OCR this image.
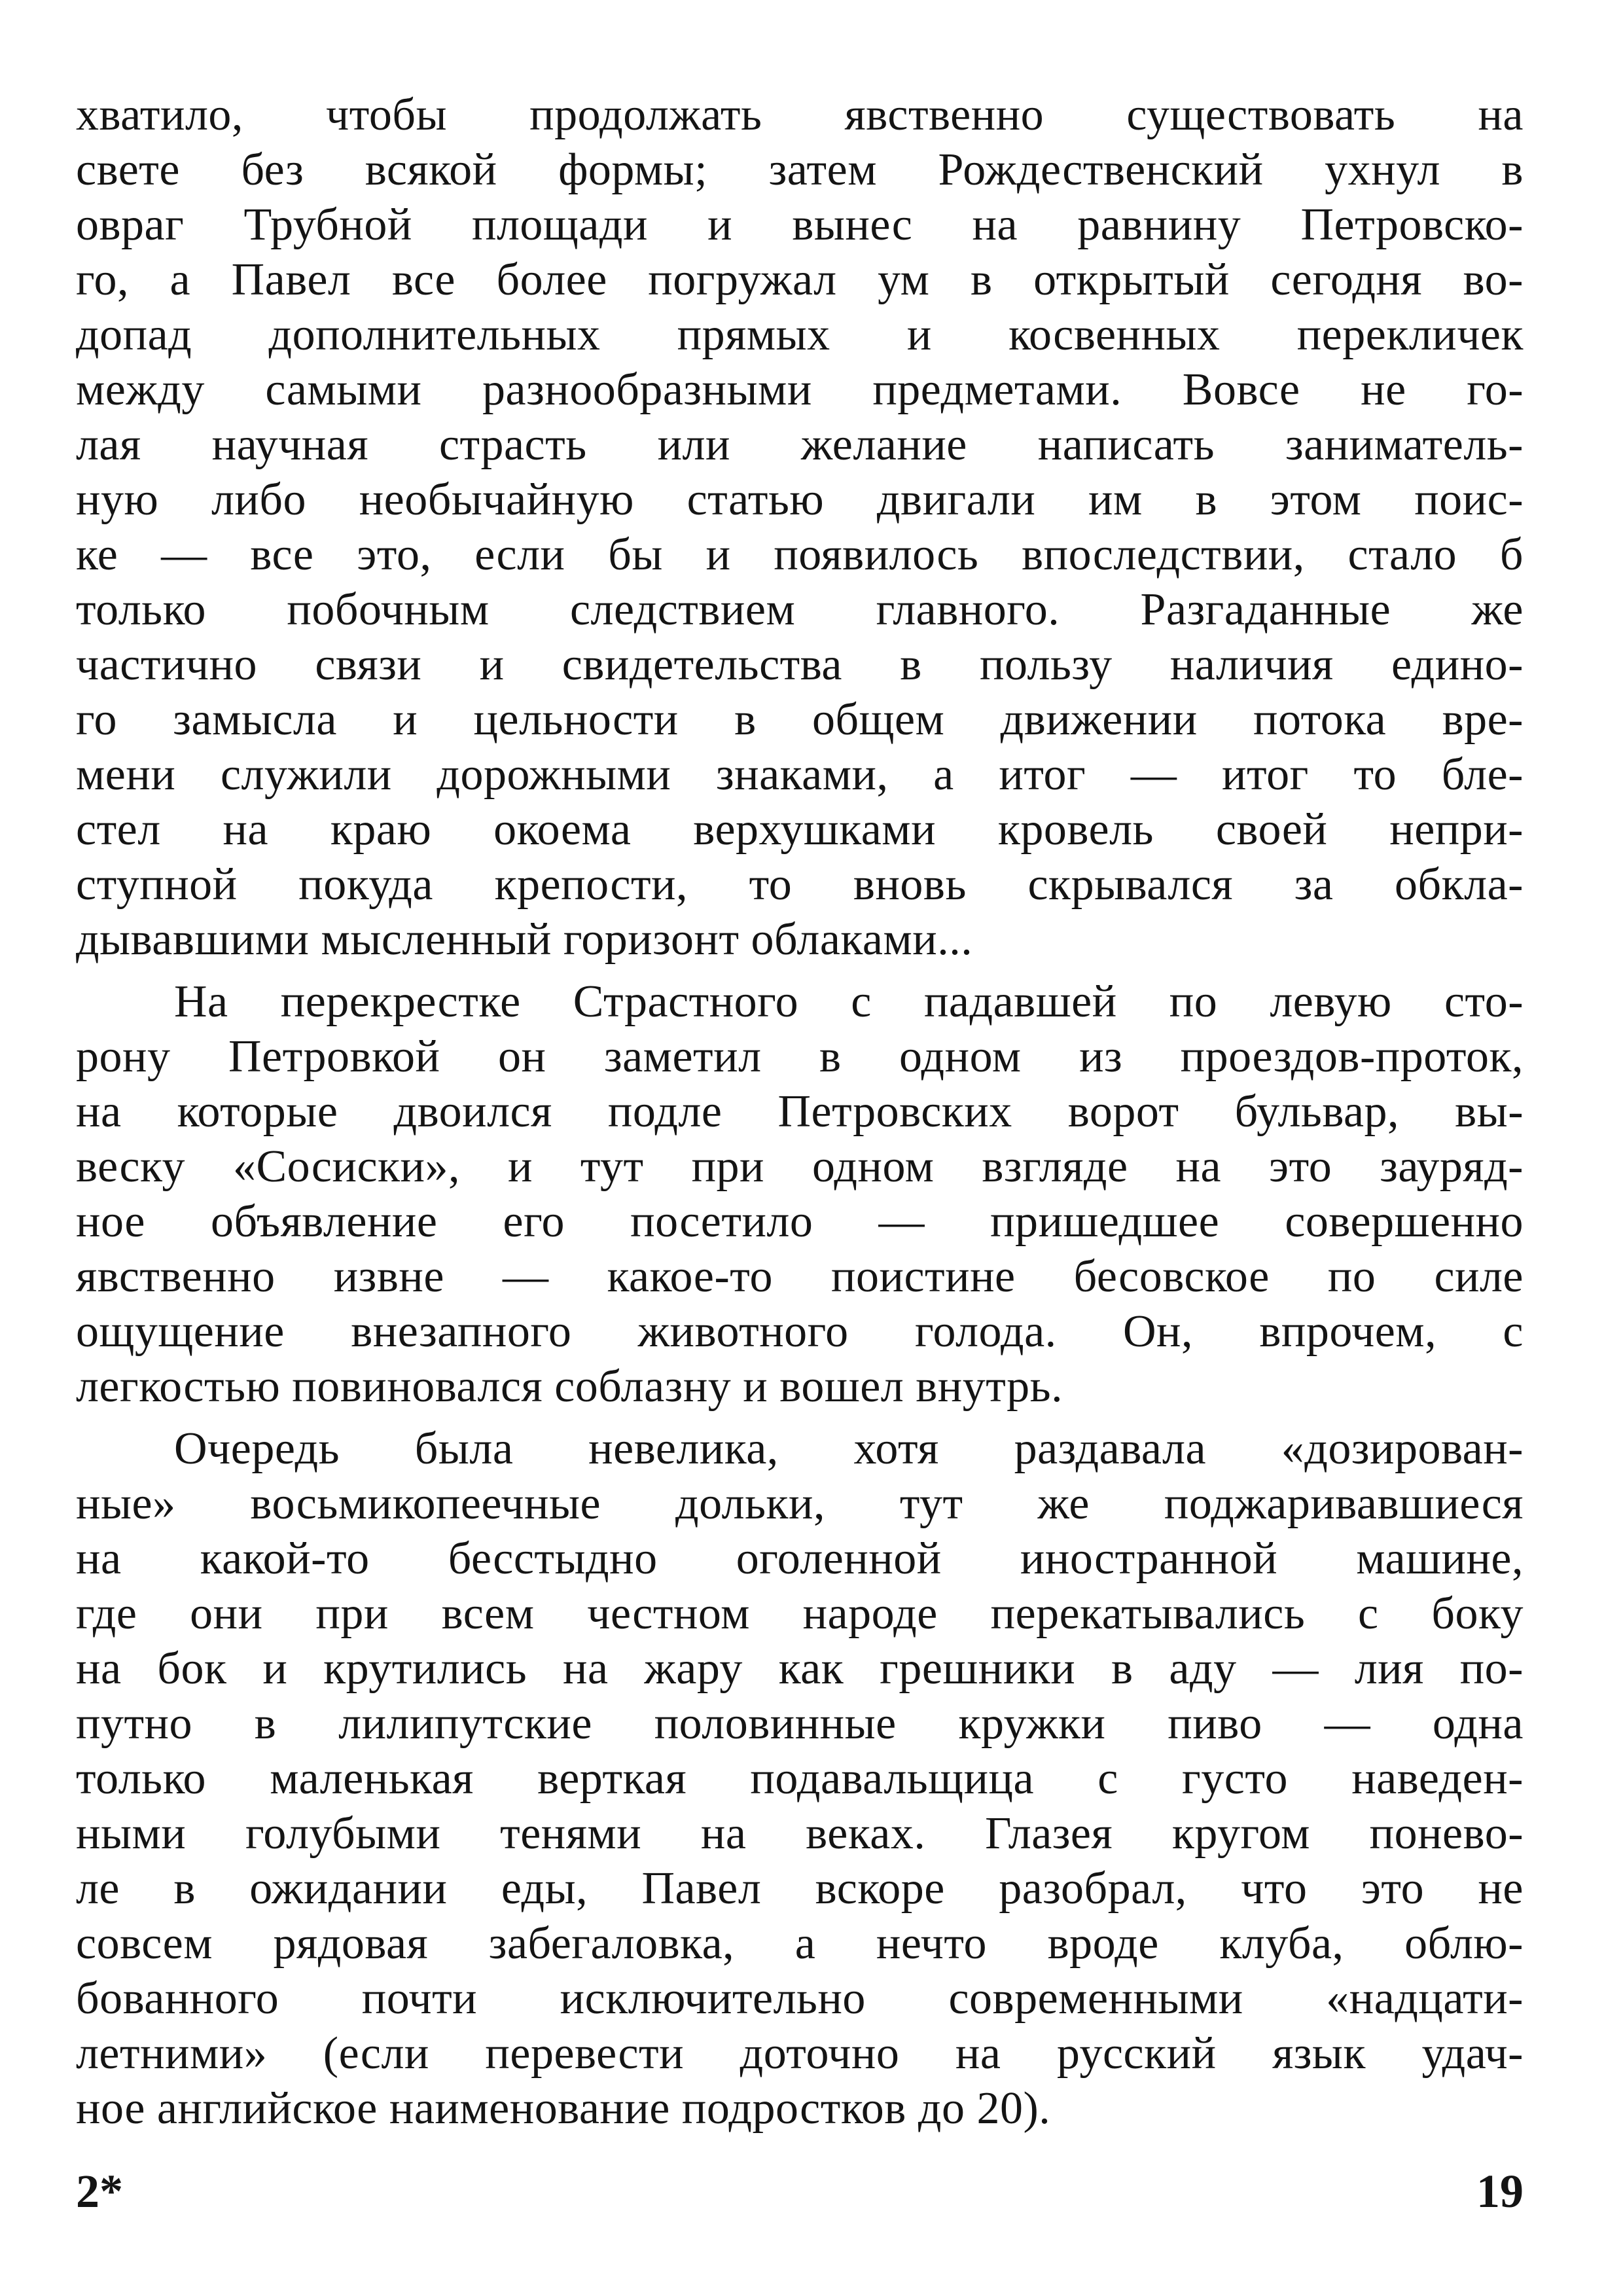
хватило, чтобы продолжать явственно существовать на
свете без всякой формы; затем Рождественский ухнул в
овраг Трубной площади и вынес на равнину Петровско-
го, а Павел все более погружал ум в открытый сегодня во-
допад дополнительных прямых и косвенных перекличек
между самыми разнообразными предметами. Вовсе не го-
лая научная страсть или желание написать заниматель-
ную либо необычайную статью двигали им в этом поис-
ке — все это, если бы и появилось впоследствии, стало б
только побочным следствием главного. Разгаданные же
частично связи и свидетельства в пользу наличия едино-
го замысла и цельности в общем движении потока вре-
мени служили дорожными знаками, а итог — итог то бле-
стел на краю окоема верхушками кровель своей непри-
ступной покуда крепости, то вновь скрывался за обкла-
дывавшими мысленный горизонт облаками...
На перекрестке Страстного с падавшей по левую сто-
рону Петровкой он заметил в одном из проездов-проток,
на которые двоился подле Петровских ворот бульвар, вы-
веску «Сосиски», и тут при одном взгляде на это зауряд-
ное объявление его посетило — пришедшее совершенно
явственно извне — какое-то поистине бесовское по силе
ощущение внезапного животного голода. Он, впрочем, с
легкостью повиновался соблазну и вошел внутрь.
Очередь была невелика, хотя раздавала «дозирован-
ные» восьмикопеечные дольки, тут же поджаривавшиеся
на какой-то бесстыдно оголенной иностранной машине,
где они при всем честном народе перекатывались с боку
на бок и крутились на жару как грешники в аду — лия по-
путно в лилипутские половинные кружки пиво — одна
только маленькая верткая подавальщица с густо наведен-
ными голубыми тенями на веках. Глазея кругом понево-
ле в ожидании еды, Павел вскоре разобрал, что это не
совсем рядовая забегаловка, а нечто вроде клуба, облю-
бованного почти исключительно современными «надцати-
летними» (если перевести доточно на русский язык удач-
ное английское наименование подростков до 20).
2*	19
